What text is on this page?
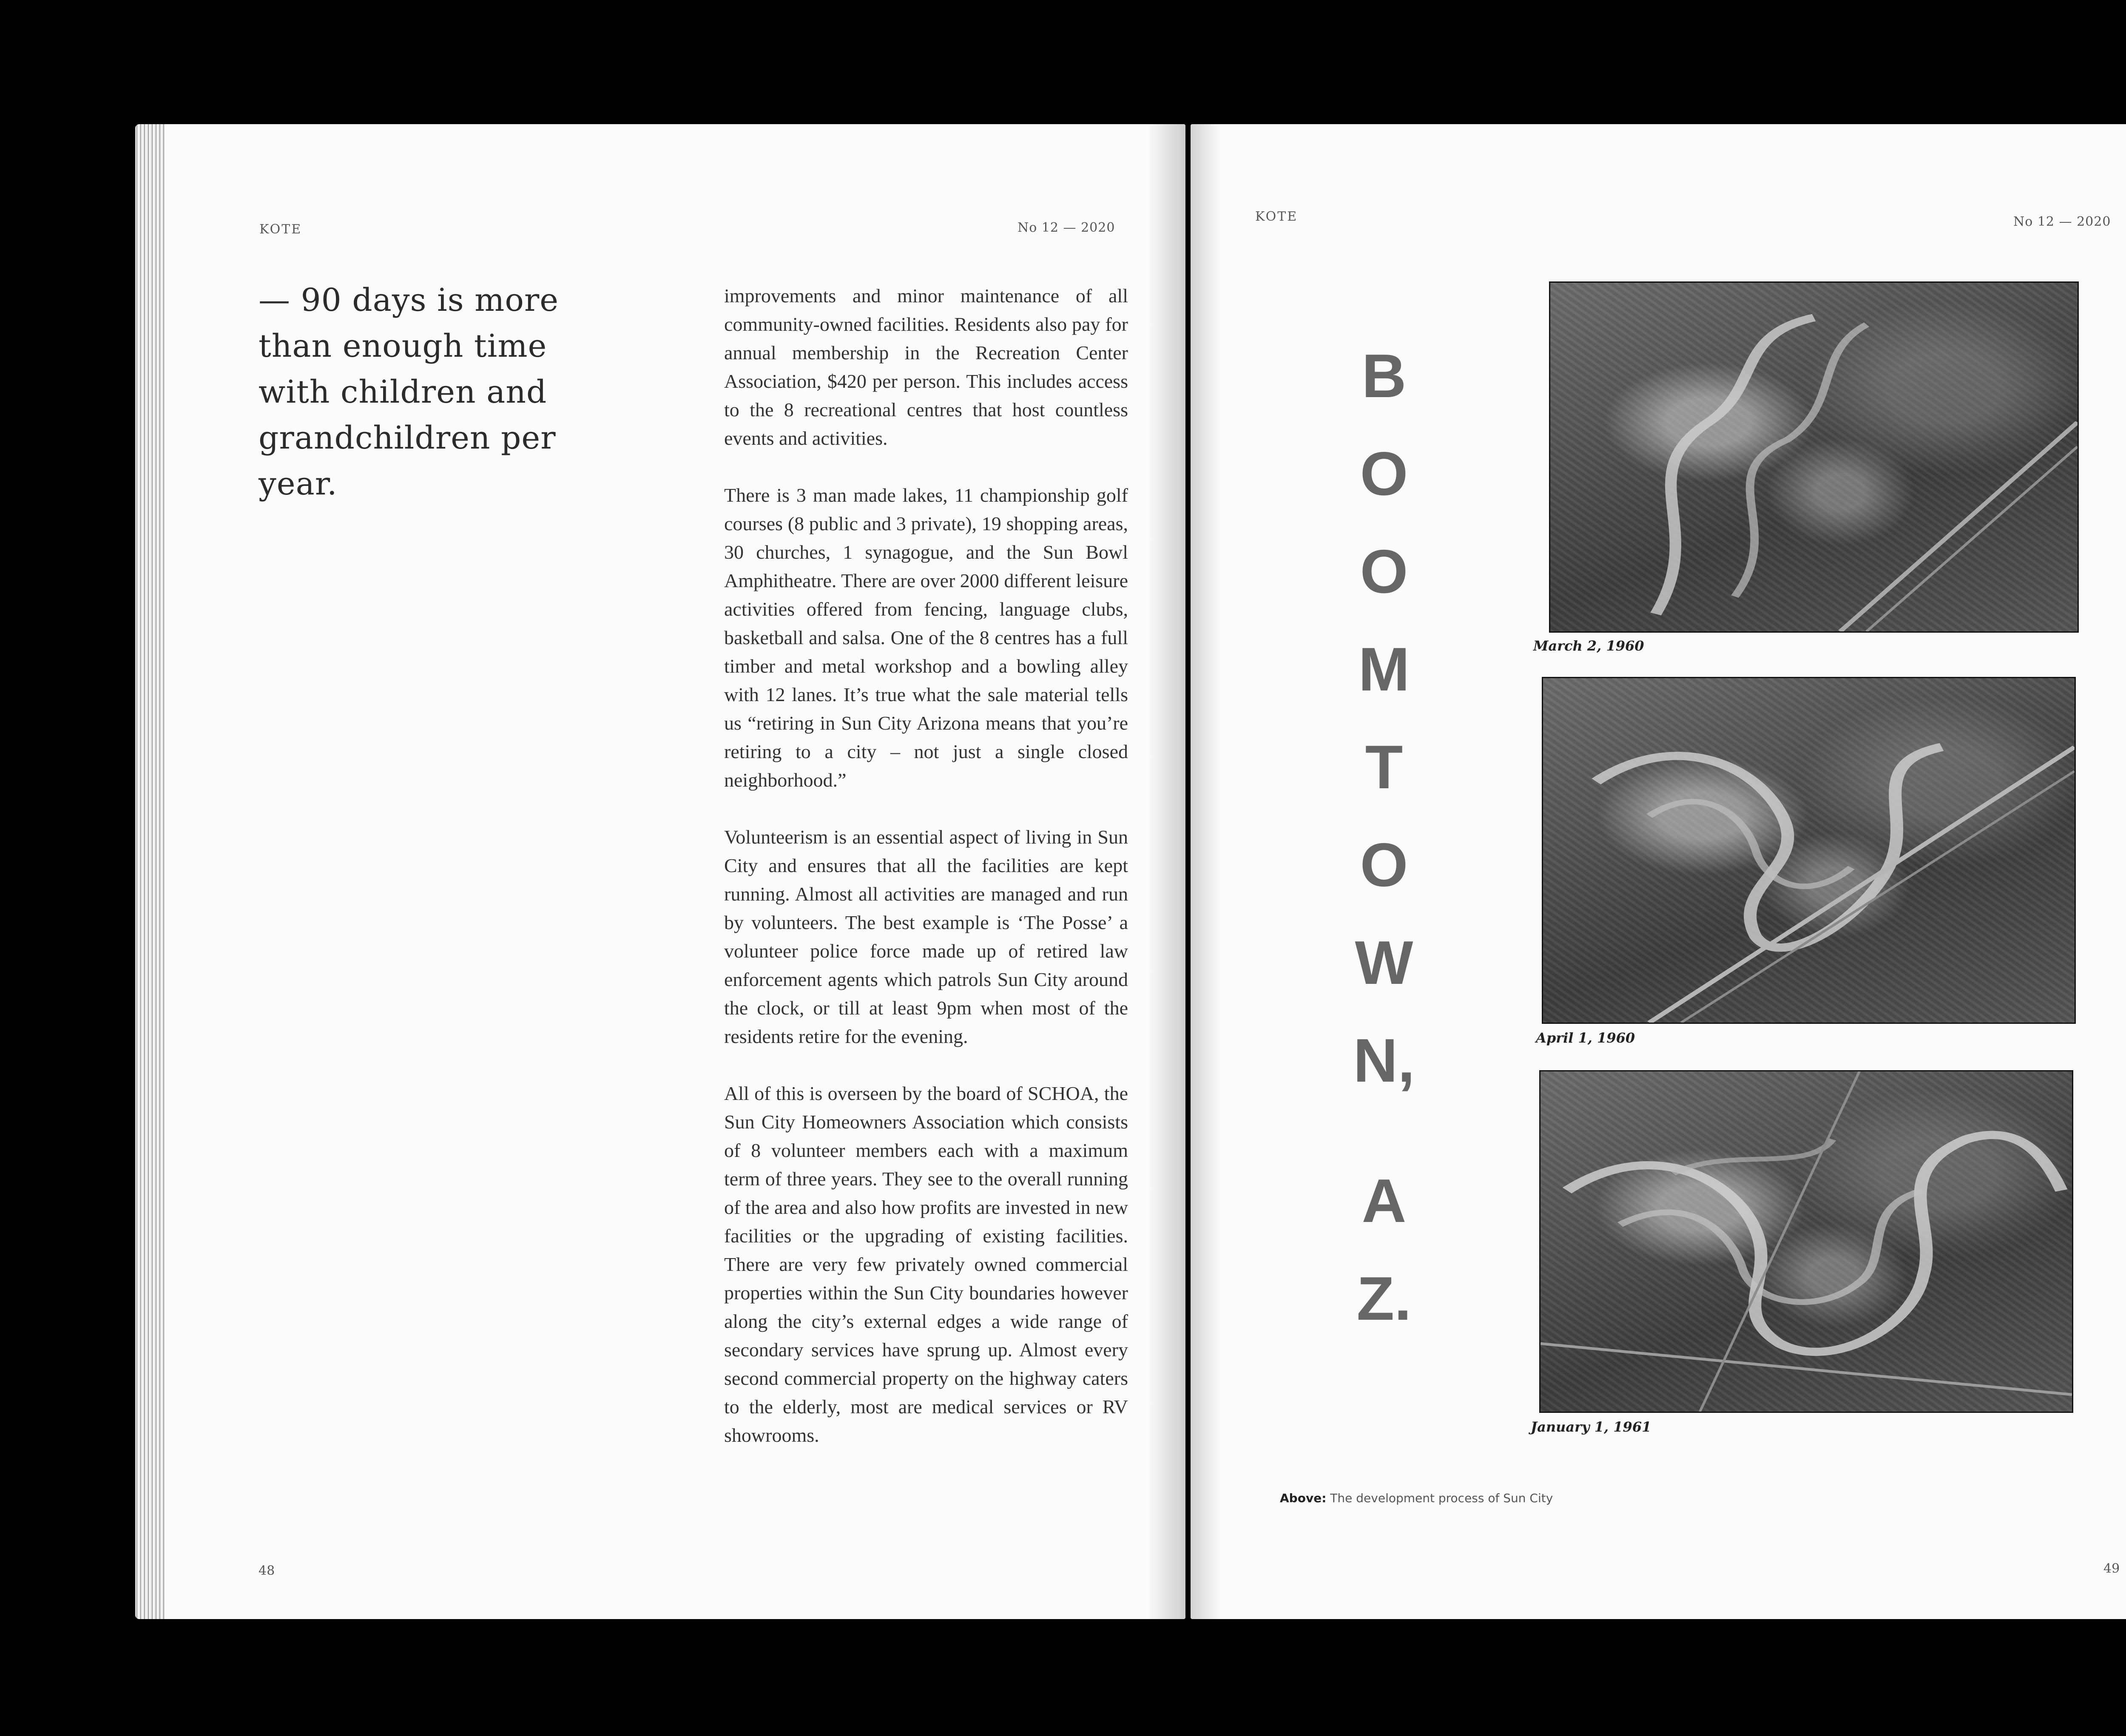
KOTE	No 12 — 2020
— 90 days is more than enough time with children and grandchildren per year.

improvements and minor maintenance of all community-owned facilities. Residents also pay for annual membership in the Recreation Center Association, $420 per person. This includes access to the 8 recreational centres that host countless events and activities.

There is 3 man made lakes, 11 championship golf courses (8 public and 3 private), 19 shopping areas, 30 churches, 1 synagogue, and the Sun Bowl Amphitheatre. There are over 2000 different leisure activities offered from fencing, language clubs, basketball and salsa. One of the 8 centres has a full timber and metal workshop and a bowling alley with 12 lanes. It’s true what the sale material tells us “retiring in Sun City Arizona means that you’re retiring to a city – not just a single closed neighborhood.”

Volunteerism is an essential aspect of living in Sun City and ensures that all the facilities are kept running. Almost all activities are managed and run by volunteers. The best example is ‘The Posse’ a volunteer police force made up of retired law enforcement agents which patrols Sun City around the clock, or till at least 9pm when most of the residents retire for the evening.

All of this is overseen by the board of SCHOA, the Sun City Homeowners Association which consists of 8 volunteer members each with a maximum term of three years. They see to the overall running of the area and also how profits are invested in new facilities or the upgrading of existing facilities. There are very few privately owned commercial properties within the Sun City boundaries however along the city’s external edges a wide range of secondary services have sprung up. Almost every second commercial property on the highway caters to the elderly, most are medical services or RV showrooms.

48
KOTE	No 12 — 2020
B
O
O
M
T
O
W
N,
A
Z.
March 2, 1960
April 1, 1960
January 1, 1961
Above: The development process of Sun City
49
